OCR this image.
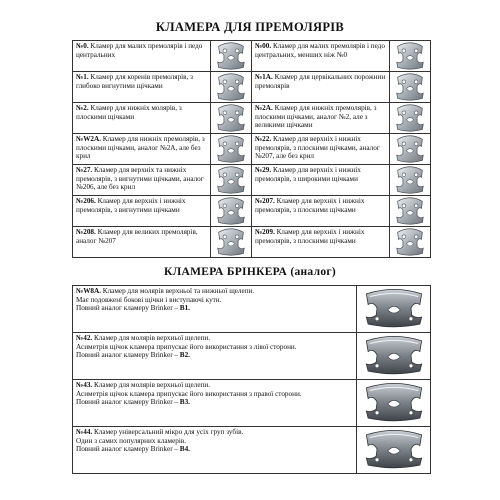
КЛАМЕРА ДЛЯ ПРЕМОЛЯРІВ
№0. Кламер для малих премолярів і педо центральних		№00. Кламер для малих премолярів і педо центральних, менших ніж №0	

№1. Кламер для коренів премолярів, з глибоко вигнутими щічками		№1А. Кламер для цервікальних порожнин премолярів	

№2. Кламер для нижніх молярів, з плоскими щічками		№2А. Кламер для нижніх премолярів, з плоскими щічками, аналог №2, але з великими щічками	

№W2А. Кламер для нижніх премолярів, з плоскими щічками, аналог №2А, але без крил		№22. Кламер для верхніх і нижніх премолярів, з плоскими щічками, аналог №207, але без крил	

№27. Кламер для верхніх та нижніх премолярів, з вигнутими щічками, аналог №206, але без крил		№29. Кламер для верхніх і нижніх премолярів, з широкими щічками	

№206. Кламер для верхніх і нижніх премолярів, з вигнутими щічками		№207. Кламер для верхніх і нижніх премолярів, з плоскими щічками	

№208. Кламер для великих премолярів, аналог №207		№209. Кламер для верхніх і нижніх премолярів, з плоскими щічками	
КЛАМЕРА БРІНКЕРА (аналог)
№W8A. Кламер для молярів верхньої та нижньої щелепи.
Має подовжені бокові щічки і виступаючі кути.
Повний аналог кламеру Brinker – B1.

№42. Кламер для молярів верхньої щелепи.
Асиметрія щічок кламера припускає його використання з лівої сторони.
Повний аналог кламеру Brinker – B2.

№43. Кламер для молярів верхньої щелепи.
Асиметрія щічок кламера припускає його використання з правої сторони.
Повний аналог кламеру Brinker – B3.

№44. Кламер універсальний мікро для усіх груп зубів.
Один з самих популярних кламерів.
Повний аналог кламеру Brinker – B4.
